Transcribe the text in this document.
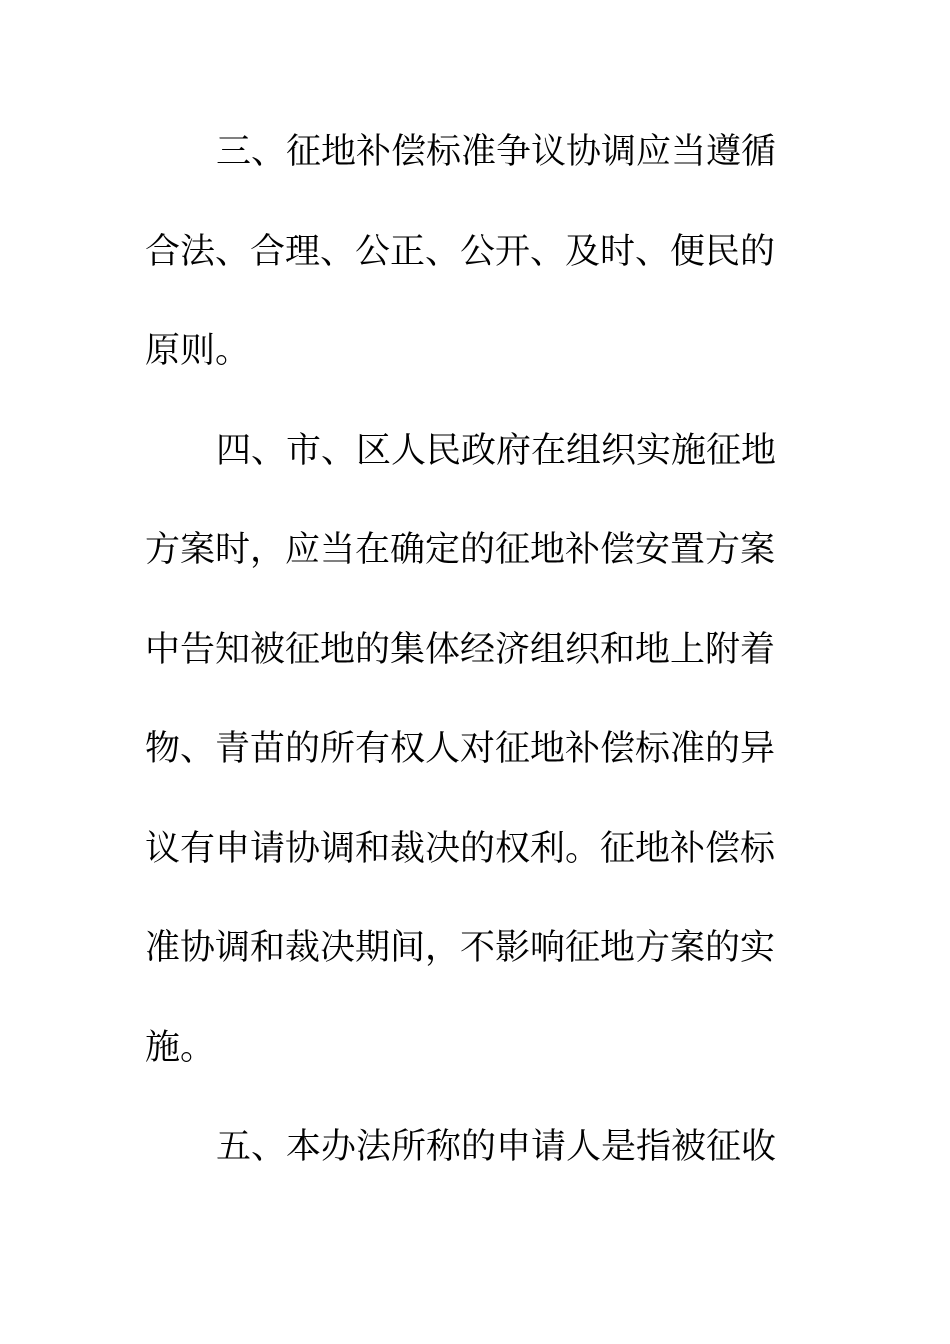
三、征地补偿标准争议协调应当遵循
合法、合理、公正、公开、及时、便民的
原则。
四、市、区人民政府在组织实施征地
方案时，应当在确定的征地补偿安置方案
中告知被征地的集体经济组织和地上附着
物、青苗的所有权人对征地补偿标准的异
议有申请协调和裁决的权利。征地补偿标
准协调和裁决期间，不影响征地方案的实
施。
五、本办法所称的申请人是指被征收
